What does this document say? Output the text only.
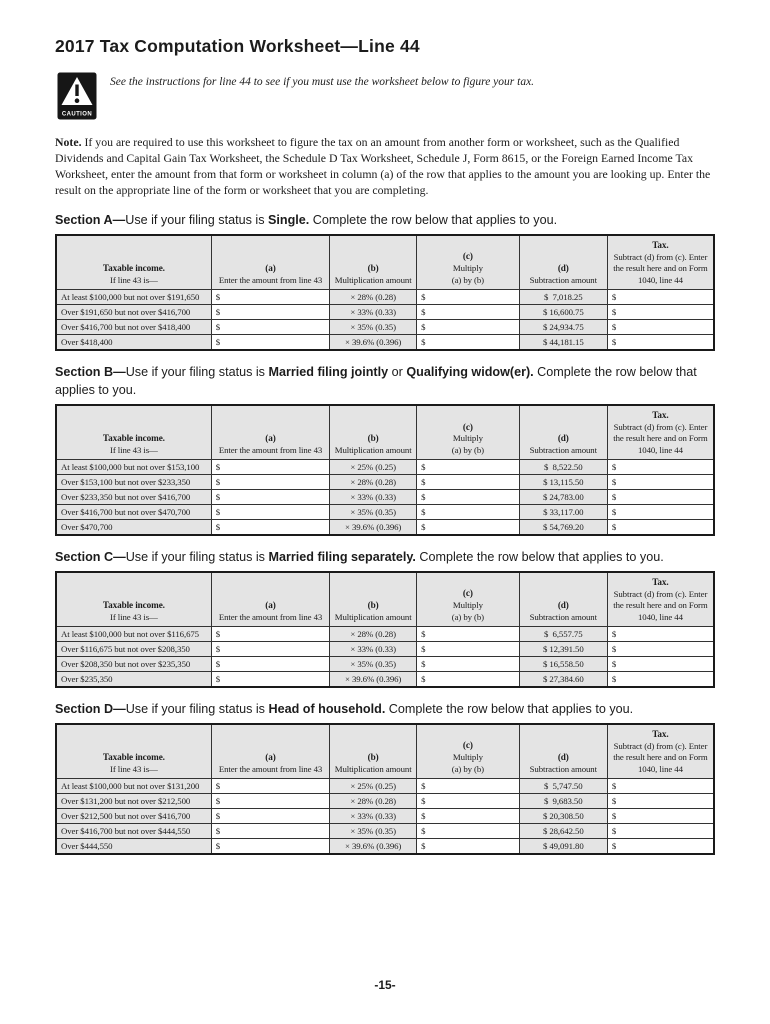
2017 Tax Computation Worksheet—Line 44
CAUTION
See the instructions for line 44 to see if you must use the worksheet below to figure your tax.

Note. If you are required to use this worksheet to figure the tax on an amount from another form or worksheet, such as the Qualified Dividends and Capital Gain Tax Worksheet, the Schedule D Tax Worksheet, Schedule J, Form 8615, or the Foreign Earned Income Tax Worksheet, enter the amount from that form or worksheet in column (a) of the row that applies to the amount you are looking up. Enter the result on the appropriate line of the form or worksheet that you are completing.

Section A—Use if your filing status is Single. Complete the row below that applies to you.

Taxable income.
If line 43 is—

(a)
Enter the amount from line 43

(b)
Multiplication amount

(c)
Multiply
(a) by (b)

(d)
Subtraction amount

Tax.
Subtract (d) from (c). Enter the result here and on Form 1040, line 44

At least $100,000 but not over $191,650	$	× 28% (0.28)	$	$  7,018.25	$
Over $191,650 but not over $416,700	$	× 33% (0.33)	$	$ 16,600.75	$
Over $416,700 but not over $418,400	$	× 35% (0.35)	$	$ 24,934.75	$
Over $418,400	$	× 39.6% (0.396)	$	$ 44,181.15	$

Section B—Use if your filing status is Married filing jointly or Qualifying widow(er). Complete the row below that applies to you.

Taxable income.
If line 43 is—

(a)
Enter the amount from line 43

(b)
Multiplication amount

(c)
Multiply
(a) by (b)

(d)
Subtraction amount

Tax.
Subtract (d) from (c). Enter the result here and on Form 1040, line 44

At least $100,000 but not over $153,100	$	× 25% (0.25)	$	$  8,522.50	$
Over $153,100 but not over $233,350	$	× 28% (0.28)	$	$ 13,115.50	$
Over $233,350 but not over $416,700	$	× 33% (0.33)	$	$ 24,783.00	$
Over $416,700 but not over $470,700	$	× 35% (0.35)	$	$ 33,117.00	$
Over $470,700	$	× 39.6% (0.396)	$	$ 54,769.20	$

Section C—Use if your filing status is Married filing separately. Complete the row below that applies to you.

Taxable income.
If line 43 is—

(a)
Enter the amount from line 43

(b)
Multiplication amount

(c)
Multiply
(a) by (b)

(d)
Subtraction amount

Tax.
Subtract (d) from (c). Enter the result here and on Form 1040, line 44

At least $100,000 but not over $116,675	$	× 28% (0.28)	$	$  6,557.75	$
Over $116,675 but not over $208,350	$	× 33% (0.33)	$	$ 12,391.50	$
Over $208,350 but not over $235,350	$	× 35% (0.35)	$	$ 16,558.50	$
Over $235,350	$	× 39.6% (0.396)	$	$ 27,384.60	$

Section D—Use if your filing status is Head of household. Complete the row below that applies to you.

Taxable income.
If line 43 is—

(a)
Enter the amount from line 43

(b)
Multiplication amount

(c)
Multiply
(a) by (b)

(d)
Subtraction amount

Tax.
Subtract (d) from (c). Enter the result here and on Form 1040, line 44

At least $100,000 but not over $131,200	$	× 25% (0.25)	$	$  5,747.50	$
Over $131,200 but not over $212,500	$	× 28% (0.28)	$	$  9,683.50	$
Over $212,500 but not over $416,700	$	× 33% (0.33)	$	$ 20,308.50	$
Over $416,700 but not over $444,550	$	× 35% (0.35)	$	$ 28,642.50	$
Over $444,550	$	× 39.6% (0.396)	$	$ 49,091.80	$
-15-
